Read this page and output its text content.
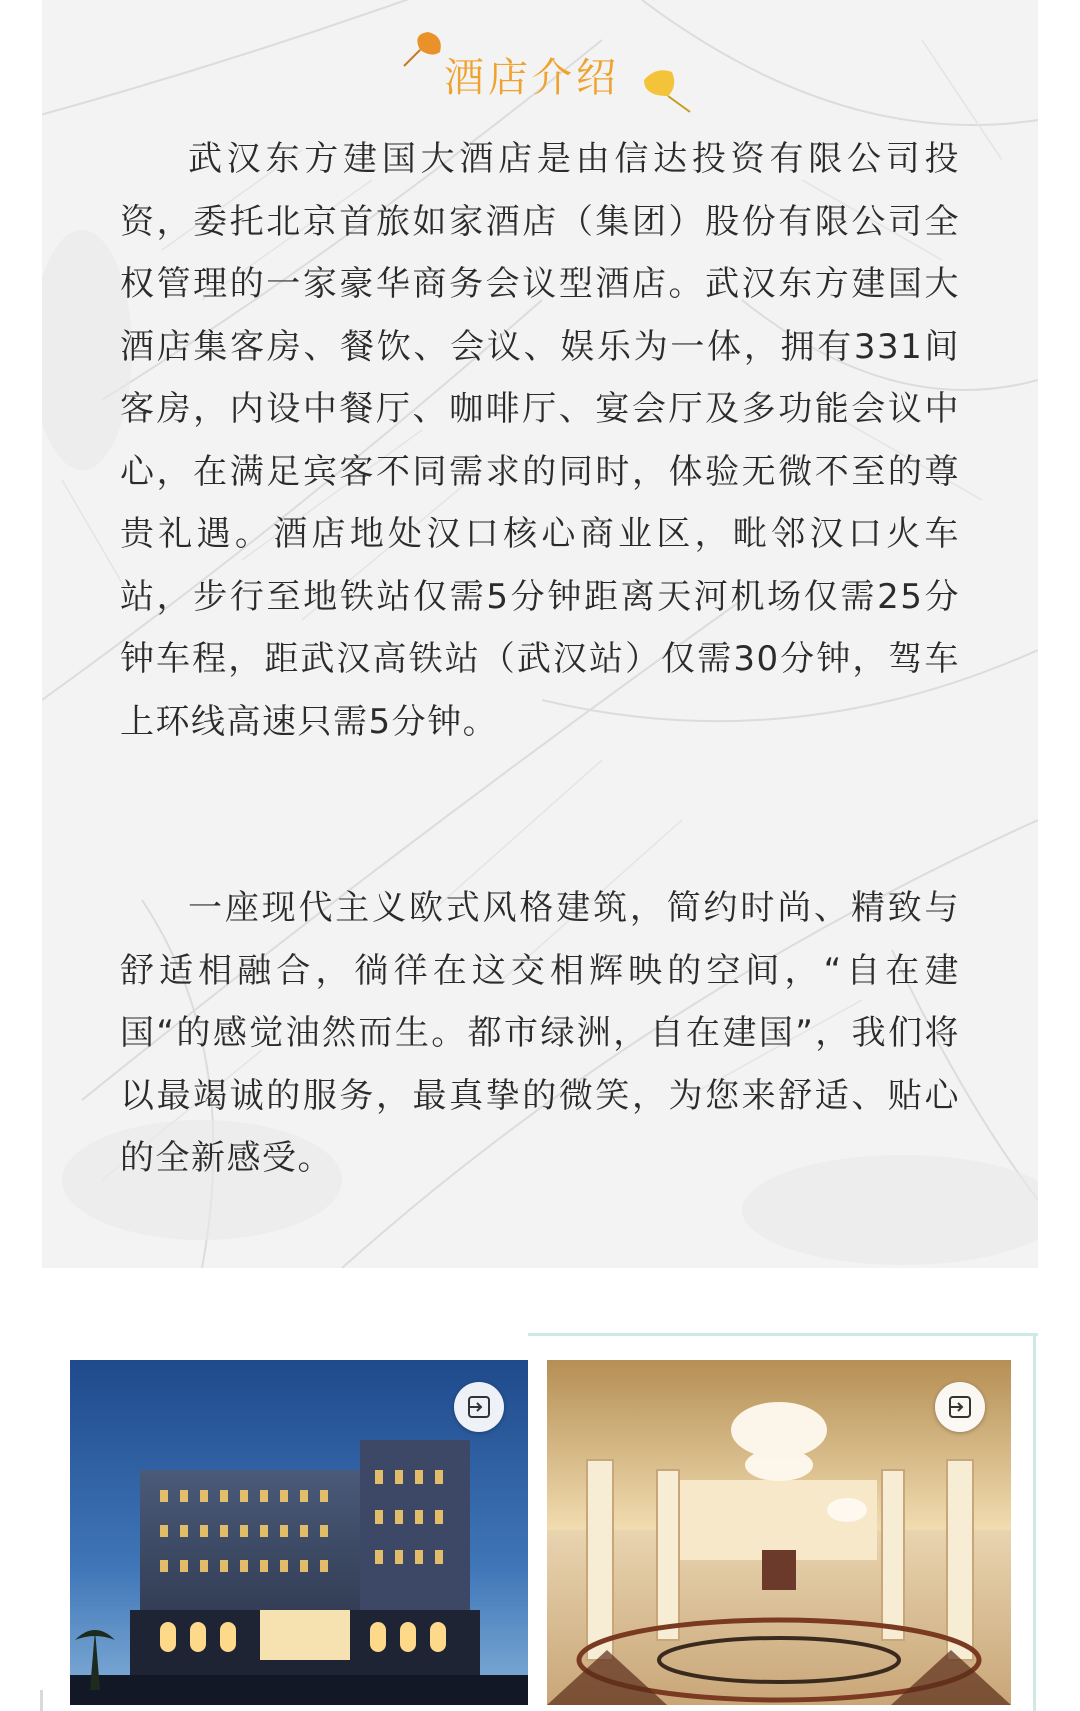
酒店介绍

武汉东方建国大酒店是由信达投资有限公司投资，委托北京首旅如家酒店（集团）股份有限公司全权管理的一家豪华商务会议型酒店。武汉东方建国大酒店集客房、餐饮、会议、娱乐为一体，拥有331间客房，内设中餐厅、咖啡厅、宴会厅及多功能会议中心，在满足宾客不同需求的同时，体验无微不至的尊贵礼遇。酒店地处汉口核心商业区，毗邻汉口火车站，步行至地铁站仅需5分钟距离天河机场仅需25分钟车程，距武汉高铁站（武汉站）仅需30分钟，驾车上环线高速只需5分钟。

一座现代主义欧式风格建筑，简约时尚、精致与舒适相融合，徜徉在这交相辉映的空间，“自在建国“的感觉油然而生。都市绿洲，自在建国”，我们将以最竭诚的服务，最真挚的微笑，为您来舒适、贴心的全新感受。
